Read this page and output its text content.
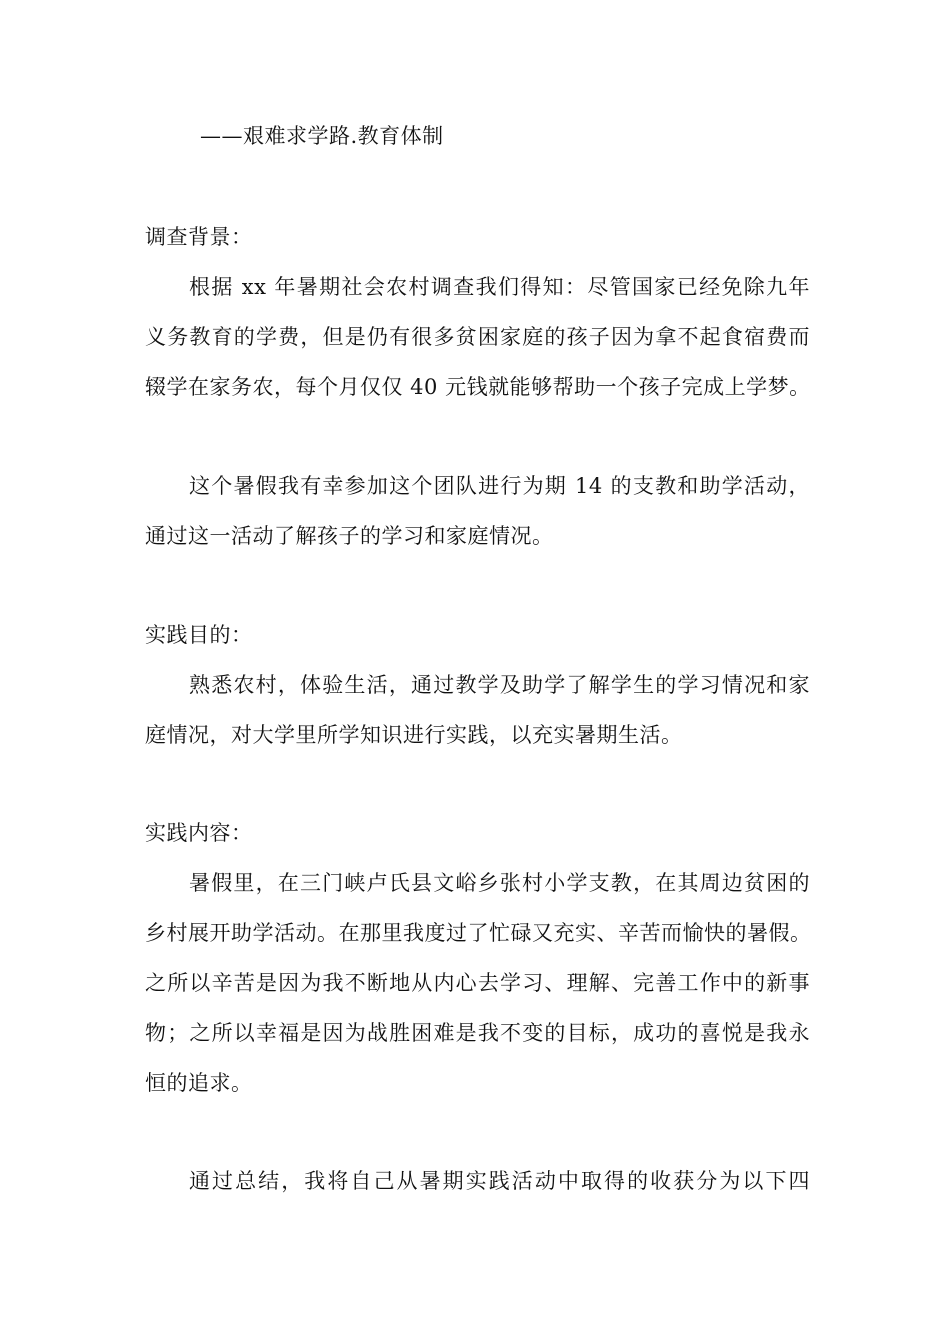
——艰难求学路.教育体制
调查背景：
根据 xx 年暑期社会农村调查我们得知：尽管国家已经免除九年
义务教育的学费，但是仍有很多贫困家庭的孩子因为拿不起食宿费而
辍学在家务农，每个月仅仅 40 元钱就能够帮助一个孩子完成上学梦。
这个暑假我有幸参加这个团队进行为期 14 的支教和助学活动，
通过这一活动了解孩子的学习和家庭情况。
实践目的：
熟悉农村，体验生活，通过教学及助学了解学生的学习情况和家
庭情况，对大学里所学知识进行实践，以充实暑期生活。
实践内容：
暑假里，在三门峡卢氏县文峪乡张村小学支教，在其周边贫困的
乡村展开助学活动。在那里我度过了忙碌又充实、辛苦而愉快的暑假。
之所以辛苦是因为我不断地从内心去学习、理解、完善工作中的新事
物；之所以幸福是因为战胜困难是我不变的目标，成功的喜悦是我永
恒的追求。
通过总结，我将自己从暑期实践活动中取得的收获分为以下四
